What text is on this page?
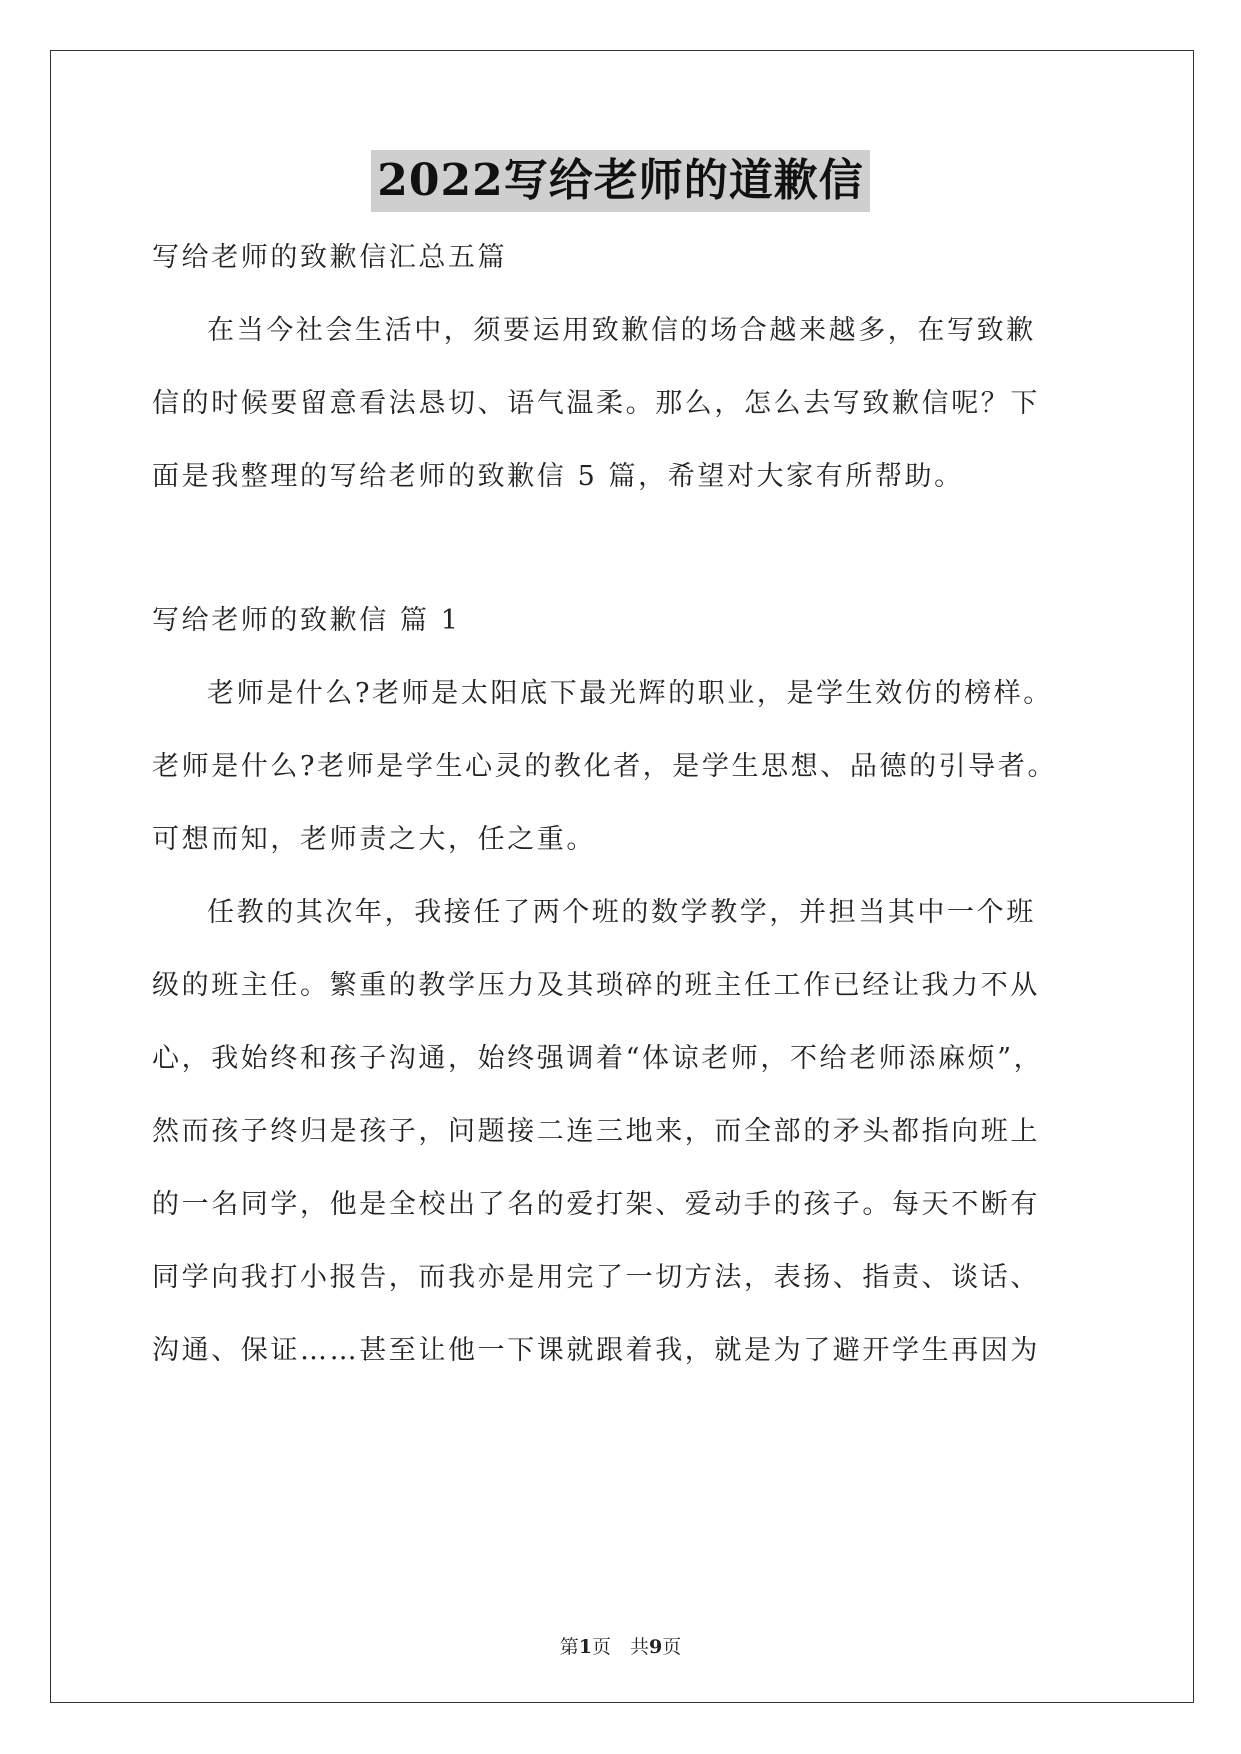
2022写给老师的道歉信
写给老师的致歉信汇总五篇
在当今社会生活中，须要运用致歉信的场合越来越多，在写致歉
信的时候要留意看法恳切、语气温柔。那么，怎么去写致歉信呢？下
面是我整理的写给老师的致歉信 5 篇，希望对大家有所帮助。
写给老师的致歉信 篇 1
老师是什么?老师是太阳底下最光辉的职业，是学生效仿的榜样。
老师是什么?老师是学生心灵的教化者，是学生思想、品德的引导者。
可想而知，老师责之大，任之重。
任教的其次年，我接任了两个班的数学教学，并担当其中一个班
级的班主任。繁重的教学压力及其琐碎的班主任工作已经让我力不从
心，我始终和孩子沟通，始终强调着“体谅老师，不给老师添麻烦”，
然而孩子终归是孩子，问题接二连三地来，而全部的矛头都指向班上
的一名同学，他是全校出了名的爱打架、爱动手的孩子。每天不断有
同学向我打小报告，而我亦是用完了一切方法，表扬、指责、谈话、
沟通、保证……甚至让他一下课就跟着我，就是为了避开学生再因为
第1页　共9页
